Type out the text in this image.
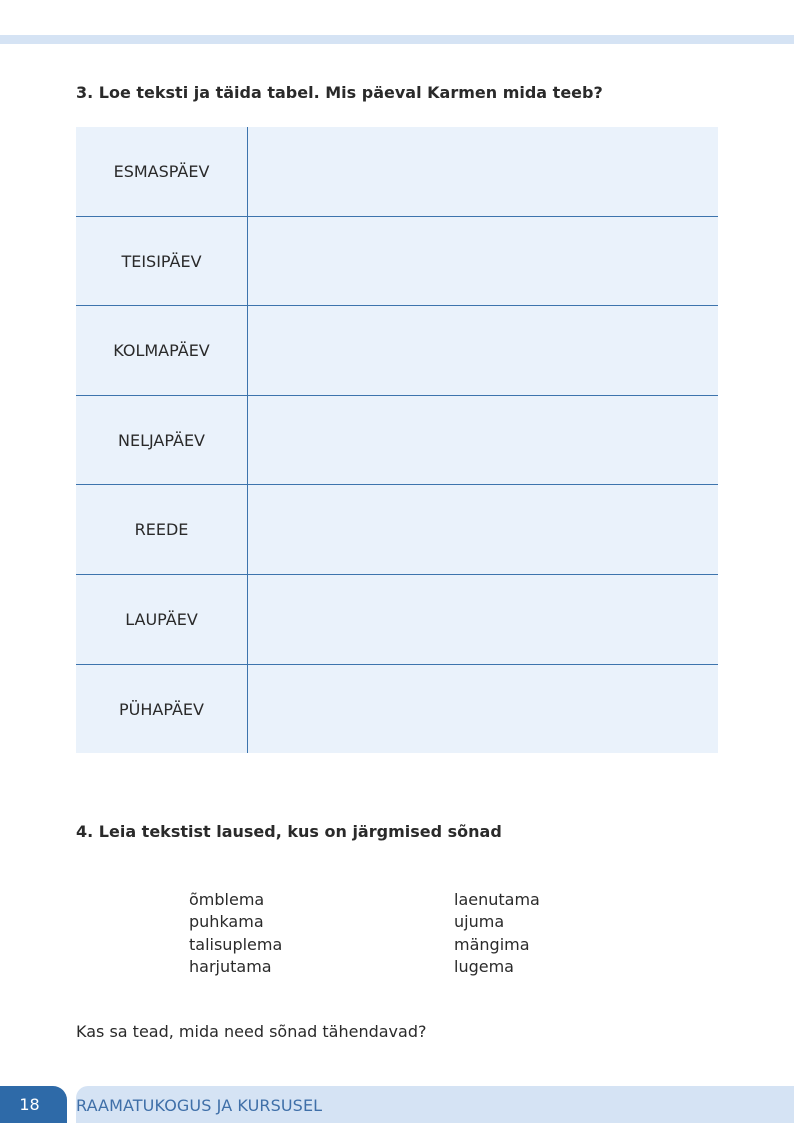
3. Loe teksti ja täida tabel. Mis päeval Karmen mida teeb?
ESMASPÄEV
TEISIPÄEV
KOLMAPÄEV
NELJAPÄEV
REEDE
LAUPÄEV
PÜHAPÄEV
4. Leia tekstist laused, kus on järgmised sõnad
õmblema
puhkama
talisuplema
harjutama
laenutama
ujuma
mängima
lugema
Kas sa tead, mida need sõnad tähendavad?
18	RAAMATUKOGUS JA KURSUSEL
